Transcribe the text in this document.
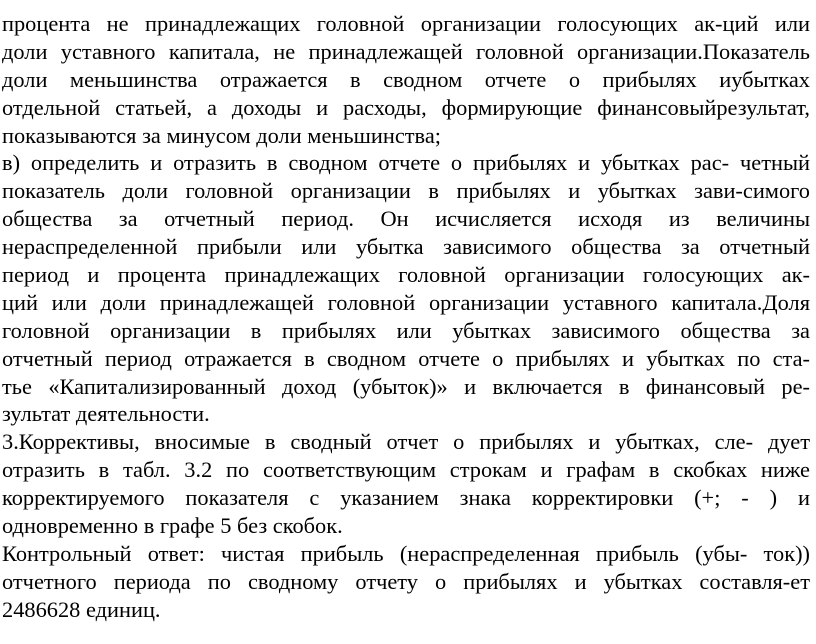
процента не принадлежащих головной организации голосующих ак-ций или
доли уставного капитала, не принадлежащей головной организации.Показатель
доли меньшинства отражается в сводном отчете о прибылях иубытках
отдельной статьей, а доходы и расходы, формирующие финансовыйрезультат,
показываются за минусом доли меньшинства;
в) определить и отразить в сводном отчете о прибылях и убытках рас- четный
показатель доли головной организации в прибылях и убытках зави-симого
общества за отчетный период. Он исчисляется исходя из величины
нераспределенной прибыли или убытка зависимого общества за отчетный
период и процента принадлежащих головной организации голосующих ак-
ций или доли принадлежащей головной организации уставного капитала.Доля
головной организации в прибылях или убытках зависимого общества за
отчетный период отражается в сводном отчете о прибылях и убытках по ста-
тье «Капитализированный доход (убыток)» и включается в финансовый ре-
зультат деятельности.
3.Коррективы, вносимые в сводный отчет о прибылях и убытках, сле- дует
отразить в табл. 3.2 по соответствующим строкам и графам в скобках ниже
корректируемого показателя с указанием знака корректировки (+; - ) и
одновременно в графе 5 без скобок.
Контрольный ответ: чистая прибыль (нераспределенная прибыль (убы- ток))
отчетного периода по сводному отчету о прибылях и убытках составля-ет
2486628 единиц.
